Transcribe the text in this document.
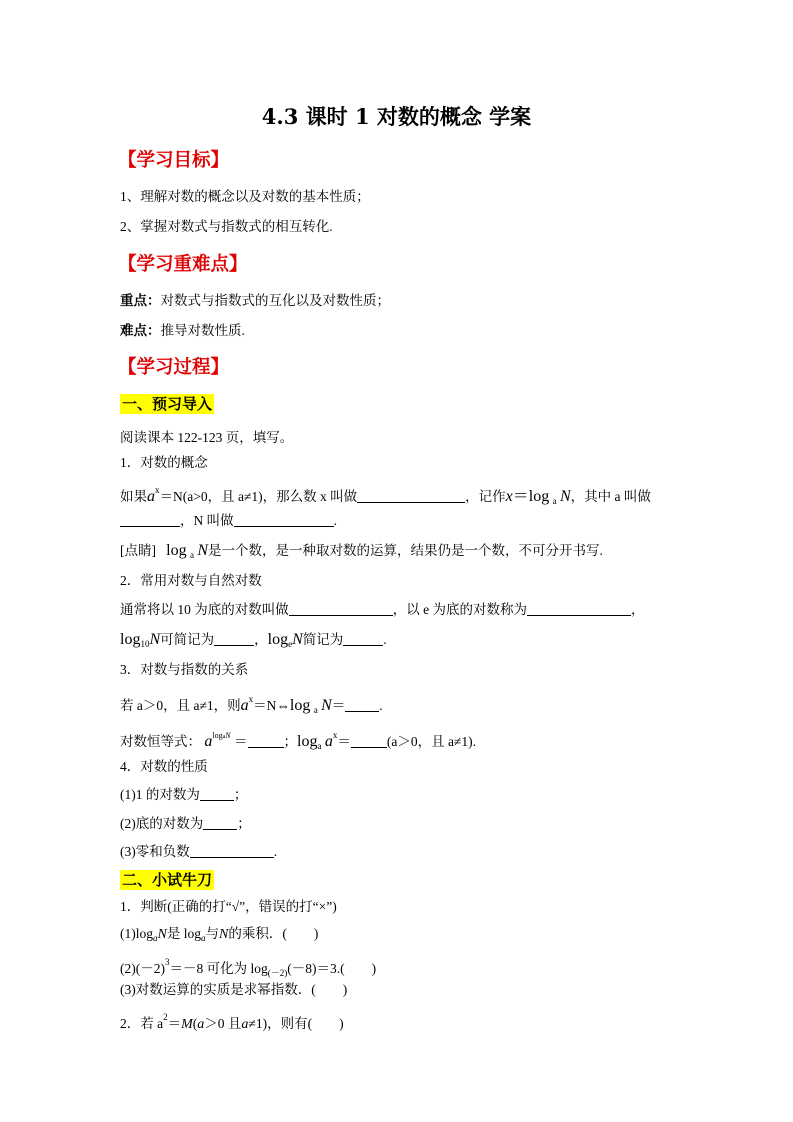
4.3 课时 1 对数的概念 学案
【学习目标】
1、理解对数的概念以及对数的基本性质；
2、掌握对数式与指数式的相互转化.
【学习重难点】
重点：对数式与指数式的互化以及对数性质；
难点：推导对数性质.
【学习过程】
一、预习导入
阅读课本 122-123 页，填写。
1．对数的概念
如果$a^x=N(a>0$，且 a≠1)，那么数 x 叫做	，记作x＝log $_a$ N，其中 a 叫做
，N 叫做	.
[点睛] log $_a$ N是一个数，是一种取对数的运算，结果仍是一个数，不可分开书写.
2．常用对数与自然对数
通常将以 10 为底的对数叫做	，以 e 为底的对数称为	，
$\log_{10}N$可简记为	，$\log_eN$简记为	.
3．对数与指数的关系
若 a＞0，且 a≠1，则$a^x=N\Leftrightarrow\log$ $_a$ N＝	.
对数恒等式： $a^{logaN}$ ＝	；$\log_a a^x=$	(a＞0，且 a≠1).
4．对数的性质
(1)1 的对数为	；
(2)底的对数为	；
(3)零和负数	.
二、小试牛刀
1．判断(正确的打“√”，错误的打“×”)
$(1)\log_aN$是 $\log_a$与N的乘积．(　　)
$(2)(-2)^3=-8$ 可化为 $\log_{(-2)}(-8)=3$.(　　)
(3)对数运算的实质是求幂指数．(　　)
2．若 $a^2=M(a>0$ 且a≠1)，则有(　　)
